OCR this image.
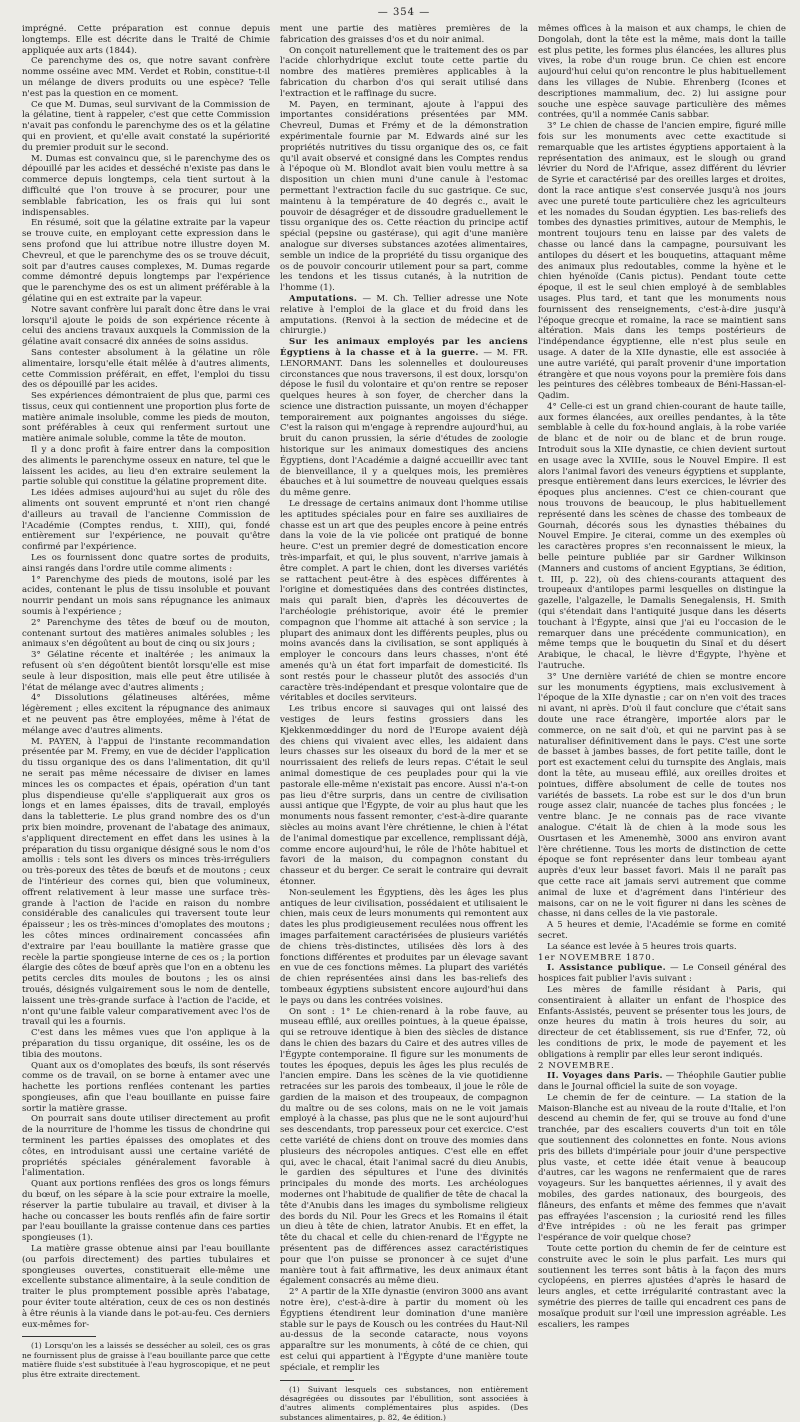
— 354 —

imprégné. Cette préparation est connue depuis longtemps. Elle est décrite dans le Traité de Chimie appliquée aux arts (1844).

Ce parenchyme des os, que notre savant confrère nomme osséine avec MM. Verdet et Robin, constitue-t-il un mélange de divers produits ou une espèce? Telle n'est pas la question en ce moment.

Ce que M. Dumas, seul survivant de la Commission de la gélatine, tient à rappeler, c'est que cette Commission n'avait pas confondu le parenchyme des os et la gélatine qui en provient, et qu'elle avait constaté la supériorité du premier produit sur le second.

M. Dumas est convaincu que, si le parenchyme des os dépouillé par les acides et desséché n'existe pas dans le commerce depuis longtemps, cela tient surtout à la difficulté que l'on trouve à se procurer, pour une semblable fabrication, les os frais qui lui sont indispensables.

En résumé, soit que la gélatine extraite par la vapeur se trouve cuite, en employant cette expression dans le sens profond que lui attribue notre illustre doyen M. Chevreul, et que le parenchyme des os se trouve décuit, soit par d'autres causes complexes, M. Dumas regarde comme démontré depuis longtemps par l'expérience que le parenchyme des os est un aliment préférable à la gélatine qui en est extraite par la vapeur.

Notre savant confrère lui paraît donc être dans le vrai lorsqu'il ajoute le poids de son expérience récente à celui des anciens travaux auxquels la Commission de la gélatine avait consacré dix années de soins assidus.

Sans contester absolument à la gélatine un rôle alimentaire, lorsqu'elle était mêlée à d'autres aliments, cette Commission préférait, en effet, l'emploi du tissu des os dépouillé par les acides.

Ses expériences démontraient de plus que, parmi ces tissus, ceux qui contiennent une proportion plus forte de matière animale insoluble, comme les pieds de mouton, sont préférables à ceux qui renferment surtout une matière animale soluble, comme la tête de mouton.

Il y a donc profit à faire entrer dans la composition des aliments le parenchyme osseux en nature, tel que le laissent les acides, au lieu d'en extraire seulement la partie soluble qui constitue la gélatine proprement dite.

Les idées admises aujourd'hui au sujet du rôle des aliments ont souvent emprunté et n'ont rien changé d'ailleurs au travail de l'ancienne Commission de l'Académie (Comptes rendus, t. XIII), qui, fondé entièrement sur l'expérience, ne pouvait qu'être confirmé par l'expérience.

Les os fournissent donc quatre sortes de produits, ainsi rangés dans l'ordre utile comme aliments :

1° Parenchyme des pieds de moutons, isolé par les acides, contenant le plus de tissu insoluble et pouvant nourrir pendant un mois sans répugnance les animaux soumis à l'expérience ;

2° Parenchyme des têtes de bœuf ou de mouton, contenant surtout des matières animales solubles ; les animaux s'en dégoûtent au bout de cinq ou six jours ;

3° Gélatine récente et inaltérée ; les animaux la refusent où s'en dégoûtent bientôt lorsqu'elle est mise seule à leur disposition, mais elle peut être utilisée à l'état de mélange avec d'autres aliments ;

4° Dissolutions gélatineuses altérées, même légèrement ; elles excitent la répugnance des animaux et ne peuvent pas être employées, même à l'état de mélange avec d'autres aliments.

M. PAYEN, à l'appui de l'instante recommandation présentée par M. Fremy, en vue de décider l'application du tissu organique des os dans l'alimentation, dit qu'il ne serait pas même nécessaire de diviser en lames minces les os compactes et épais, opération d'un tant plus dispendieuse qu'elle s'appliquerait aux gros os longs et en lames épaisses, dits de travail, employés dans la tabletterie. Le plus grand nombre des os d'un prix bien moindre, provenant de l'abatage des animaux, s'appliquent directement en effet dans les usines à la préparation du tissu organique désigné sous le nom d'os amollis : tels sont les divers os minces très-irréguliers ou très-poreux des têtes de bœufs et de moutons ; ceux de l'intérieur des cornes qui, bien que volumineux, offrent relativement à leur masse une surface très-grande à l'action de l'acide en raison du nombre considérable des canalicules qui traversent toute leur épaisseur ; les os très-minces d'omoplates des moutons ; les côtes minces ordinairement concassées afin d'extraire par l'eau bouillante la matière grasse que recèle la partie spongieuse interne de ces os ; la portion élargie des côtes de bœuf après que l'on en a obtenu les petits cercles dits moules de boutons ; les os ainsi troués, désignés vulgairement sous le nom de dentelle, laissent une très-grande surface à l'action de l'acide, et n'ont qu'une faible valeur comparativement avec l'os de travail qui les a fournis.

C'est dans les mêmes vues que l'on applique à la préparation du tissu organique, dit osséine, les os de tibia des moutons.

Quant aux os d'omoplates des bœufs, ils sont réservés comme os de travail, on se borne à entamer avec une hachette les portions renflées contenant les parties spongieuses, afin que l'eau bouillante en puisse faire sortir la matière grasse.

On pourrait sans doute utiliser directement au profit de la nourriture de l'homme les tissus de chondrine qui terminent les parties épaisses des omoplates et des côtes, en introduisant aussi une certaine variété de propriétés spéciales généralement favorable à l'alimentation.

Quant aux portions renflées des gros os longs fémurs du bœuf, on les sépare à la scie pour extraire la moelle, réserver la partie tubulaire au travail, et diviser à la hache ou concasser les bouts renflés afin de faire sortir par l'eau bouillante la graisse contenue dans ces parties spongieuses (1).

La matière grasse obtenue ainsi par l'eau bouillante (ou parfois directement) des parties tubulaires et spongieuses ouvertes, constituerait elle-même une excellente substance alimentaire, à la seule condition de traiter le plus promptement possible après l'abatage, pour éviter toute altération, ceux de ces os non destinés à être réunis à la viande dans le pot-au-feu. Ces derniers eux-mêmes for-

(1) Lorsqu'on les a laissés se dessécher au soleil, ces os gras ne fournissent plus de graisse à l'eau bouillante parce que cette matière fluide s'est substituée à l'eau hygroscopique, et ne peut plus être extraite directement.

ment une partie des matières premières de la fabrication des graisses d'os et du noir animal.

On conçoit naturellement que le traitement des os par l'acide chlorhydrique exclut toute cette partie du nombre des matières premières applicables à la fabrication du charbon d'os qui serait utilisé dans l'extraction et le raffinage du sucre.

M. Payen, en terminant, ajoute à l'appui des importantes considérations présentées par MM. Chevreul, Dumas et Frémy et de la démonstration expérimentale fournie par M. Edwards ainé sur les propriétés nutritives du tissu organique des os, ce fait qu'il avait observé et consigné dans les Comptes rendus à l'époque où M. Blondlot avait bien voulu mettre à sa disposition un chien muni d'une canule à l'estomac permettant l'extraction facile du suc gastrique. Ce suc, maintenu à la température de 40 degrés c., avait le pouvoir de désagréger et de dissoudre graduellement le tissu organique des os. Cette réaction du principe actif spécial (pepsine ou gastérase), qui agit d'une manière analogue sur diverses substances azotées alimentaires, semble un indice de la propriété du tissu organique des os de pouvoir concourir utilement pour sa part, comme les tendons et les tissus cutanés, à la nutrition de l'homme (1).

Amputations. — M. Ch. Tellier adresse une Note relative à l'emploi de la glace et du froid dans les amputations. (Renvoi à la section de médecine et de chirurgie.)

Sur les animaux employés par les anciens Égyptiens à la chasse et à la guerre. — M. FR. LENORMANT. Dans les solennelles et douloureuses circonstances que nous traversons, il est doux, lorsqu'on dépose le fusil du volontaire et qu'on rentre se reposer quelques heures à son foyer, de chercher dans la science une distraction puissante, un moyen d'échapper temporairement aux poignantes angoisses du siége. C'est la raison qui m'engage à reprendre aujourd'hui, au bruit du canon prussien, la série d'études de zoologie historique sur les animaux domestiques des anciens Égyptiens, dont l'Académie a daigné accueillir avec tant de bienveillance, il y a quelques mois, les premières ébauches et à lui soumettre de nouveau quelques essais du même genre.

Le dressage de certains animaux dont l'homme utilise les aptitudes spéciales pour en faire ses auxiliaires de chasse est un art que des peuples encore à peine entrés dans la voie de la vie policée ont pratiqué de bonne heure. C'est un premier degré de domestication encore très-imparfait, et qui, le plus souvent, n'arrive jamais à être complet. A part le chien, dont les diverses variétés se rattachent peut-être à des espèces différentes à l'origine et domestiquées dans des contrées distinctes, mais qui paraît bien, d'après les découvertes de l'archéologie préhistorique, avoir été le premier compagnon que l'homme ait attaché à son service ; la plupart des animaux dont les différents peuples, plus ou moins avancés dans la civilisation, se sont appliqués à employer le concours dans leurs chasses, n'ont été amenés qu'à un état fort imparfait de domesticité. Ils sont restés pour le chasseur plutôt des associés d'un caractère très-indépendant et presque volontaire que de véritables et dociles serviteurs.

Les tribus encore si sauvages qui ont laissé des vestiges de leurs festins grossiers dans les Kjekkenmœddinger du nord de l'Europe avaient déjà des chiens qui vivaient avec elles, les aidaient dans leurs chasses sur les oiseaux du bord de la mer et se nourrissaient des reliefs de leurs repas. C'était le seul animal domestique de ces peuplades pour qui la vie pastorale elle-même n'existait pas encore. Aussi n'a-t-on pas lieu d'être surpris, dans un centre de civilisation aussi antique que l'Égypte, de voir au plus haut que les monuments nous fassent remonter, c'est-à-dire quarante siècles au moins avant l'ère chrétienne, le chien à l'état de l'animal domestique par excellence, remplissant déjà, comme encore aujourd'hui, le rôle de l'hôte habituel et favori de la maison, du compagnon constant du chasseur et du berger. Ce serait le contraire qui devrait étonner.

Non-seulement les Égyptiens, dès les âges les plus antiques de leur civilisation, possédaient et utilisaient le chien, mais ceux de leurs monuments qui remontent aux dates les plus prodigieusement reculées nous offrent les images parfaitement caractérisées de plusieurs variétés de chiens très-distinctes, utilisées dès lors à des fonctions différentes et produites par un élevage savant en vue de ces fonctions mêmes. La plupart des variétés de chien représentées ainsi dans les bas-reliefs des tombeaux égyptiens subsistent encore aujourd'hui dans le pays ou dans les contrées voisines.

On sont : 1° Le chien-renard à la robe fauve, au museau effilé, aux oreilles pointues, à la queue épaisse, qui se retrouve identique à bien des siècles de distance dans le chien des bazars du Caire et des autres villes de l'Égypte contemporaine. Il figure sur les monuments de toutes les époques, depuis les âges les plus reculés de l'ancien empire. Dans les scènes de la vie quotidienne retracées sur les parois des tombeaux, il joue le rôle de gardien de la maison et des troupeaux, de compagnon du maître ou de ses colons, mais on ne le voit jamais employé à la chasse, pas plus que ne le sont aujourd'hui ses descendants, trop paresseux pour cet exercice. C'est cette variété de chiens dont on trouve des momies dans plusieurs des nécropoles antiques. C'est elle en effet qui, avec le chacal, était l'animal sacré du dieu Anubis, le gardien des sépultures et l'une des divinités principales du monde des morts. Les archéologues modernes ont l'habitude de qualifier de tête de chacal la tête d'Anubis dans les images du symbolisme religieux des bords du Nil. Pour les Grecs et les Romains il était un dieu à tête de chien, latrator Anubis. Et en effet, la tête du chacal et celle du chien-renard de l'Égypte ne présentent pas de différences assez caractéristiques pour que l'on puisse se prononcer à ce sujet d'une manière tout à fait affirmative, les deux animaux étant également consacrés au même dieu.

2° A partir de la XIIe dynastie (environ 3000 ans avant notre ère), c'est-à-dire à partir du moment où les Égyptiens étendirent leur domination d'une manière stable sur le pays de Kousch ou les contrées du Haut-Nil au-dessus de la seconde cataracte, nous voyons apparaître sur les monuments, à côté de ce chien, qui est celui qui appartient à l'Égypte d'une manière toute spéciale, et remplir les

(1) Suivant lesquels ces substances, non entièrement désagrégées ou dissoutes par l'ébullition, sont associées à d'autres aliments complémentaires plus aspides. (Des substances alimentaires, p. 82, 4e édition.)

mêmes offices à la maison et aux champs, le chien de Dongolah, dont la tête est la même, mais dont la taille est plus petite, les formes plus élancées, les allures plus vives, la robe d'un rouge brun. Ce chien est encore aujourd'hui celui qu'on rencontre le plus habituellement dans les villages de Nubie. Ehrenberg (Icones et descriptiones mammalium, dec. 2) lui assigne pour souche une espèce sauvage particulière des mêmes contrées, qu'il a nommée Canis sabbar.

3° Le chien de chasse de l'ancien empire, figuré mille fois sur les monuments avec cette exactitude si remarquable que les artistes égyptiens apportaient à la représentation des animaux, est le slough ou grand lévrier du Nord de l'Afrique, assez différent du lévrier de Syrie et caractérisé par des oreilles larges et droites, dont la race antique s'est conservée jusqu'à nos jours avec une pureté toute particulière chez les agriculteurs et les nomades du Soudan égyptien. Les bas-reliefs des tombes des dynasties primitives, autour de Memphis, le montrent toujours tenu en laisse par des valets de chasse ou lancé dans la campagne, poursuivant les antilopes du désert et les bouquetins, attaquant même des animaux plus redoutables, comme la hyène et le chien hyénoïde (Canis pictus). Pendant toute cette époque, il est le seul chien employé à de semblables usages. Plus tard, et tant que les monuments nous fournissent des renseignements, c'est-à-dire jusqu'à l'époque grecque et romaine, la race se maintient sans altération. Mais dans les temps postérieurs de l'indépendance égyptienne, elle n'est plus seule en usage. A dater de la XIIe dynastie, elle est associée à une autre variété, qui paraît provenir d'une importation étrangère et que nous voyons pour la première fois dans les peintures des célèbres tombeaux de Béni-Hassan-el-Qadim.

4° Celle-ci est un grand chien-courant de haute taille, aux formes élancées, aux oreilles pendantes, à la tête semblable à celle du fox-hound anglais, à la robe variée de blanc et de noir ou de blanc et de brun rouge. Introduit sous la XIIe dynastie, ce chien devient surtout en usage avec la XVIIIe, sous le Nouvel Empire. Il est alors l'animal favori des veneurs égyptiens et supplante, presque entièrement dans leurs exercices, le lévrier des époques plus anciennes. C'est ce chien-courant que nous trouvons de beaucoup, le plus habituellement représenté dans les scènes de chasse des tombeaux de Gournah, décorés sous les dynasties thébaines du Nouvel Empire. Je citerai, comme un des exemples où les caractères propres s'en reconnaissent le mieux, la belle peinture publiée par sir Gardner Wilkinson (Manners and customs of ancient Egyptians, 3e édition, t. III, p. 22), où des chiens-courants attaquent des troupeaux d'antilopes parmi lesquelles on distingue la gazelle, l'algazelle, le Damalis Senegalensis, H. Smith (qui s'étendait dans l'antiquité jusque dans les déserts touchant à l'Égypte, ainsi que j'ai eu l'occasion de le remarquer dans une précédente communication), en même temps que le bouquetin du Sinaï et du désert Arabique, le chacal, le lièvre d'Égypte, l'hyène et l'autruche.

3° Une dernière variété de chien se montre encore sur les monuments égyptiens, mais exclusivement à l'époque de la XIIe dynastie ; car on n'en voit des traces ni avant, ni après. D'où il faut conclure que c'était sans doute une race étrangère, importée alors par le commerce, on ne sait d'où, et qui ne parvint pas à se naturaliser définitivement dans le pays. C'est une sorte de basset à jambes basses, de fort petite taille, dont le port est exactement celui du turnspite des Anglais, mais dont la tête, au museau effilé, aux oreilles droites et pointues, diffère absolument de celle de toutes nos variétés de bassets. La robe est sur le dos d'un brun rouge assez clair, nuancée de taches plus foncées ; le ventre blanc. Je ne connais pas de race vivante analogue. C'était là de chien à la mode sous les Ousrtasen et les Amenemhè, 3000 ans environ avant l'ère chrétienne. Tous les morts de distinction de cette époque se font représenter dans leur tombeau ayant auprès d'eux leur basset favori. Mais il ne paraît pas que cette race ait jamais servi autrement que comme animal de luxe et d'agrément dans l'intérieur des maisons, car on ne le voit figurer ni dans les scènes de chasse, ni dans celles de la vie pastorale.

A 5 heures et demie, l'Académie se forme en comité secret.

La séance est levée à 5 heures trois quarts.

1er NOVEMBRE 1870.

I. Assistance publique. — Le Conseil général des hospices fait publier l'avis suivant :

Les mères de famille résidant à Paris, qui consentiraient à allaiter un enfant de l'hospice des Enfants-Assistés, peuvent se présenter tous les jours, de onze heures du matin à trois heures du soir, au directeur de cet établissement, sis rue d'Enfer, 72, où les conditions de prix, le mode de payement et les obligations à remplir par elles leur seront indiqués.

2 NOVEMBRE.

II. Voyages dans Paris. — Théophile Gautier publie dans le Journal officiel la suite de son voyage.

Le chemin de fer de ceinture. — La station de la Maison-Blanche est au niveau de la route d'Italie, et l'on descend au chemin de fer, qui se trouve au fond d'une tranchée, par des escaliers couverts d'un toit en tôle que soutiennent des colonnettes en fonte. Nous avions pris des billets d'impériale pour jouir d'une perspective plus vaste, et cette idée était venue à beaucoup d'autres, car les wagons ne renfermaient que de rares voyageurs. Sur les banquettes aériennes, il y avait des mobiles, des gardes nationaux, des bourgeois, des flâneurs, des enfants et même des femmes que n'avait pas effrayées l'ascension ; la curiosité rend les filles d'Ève intrépides : où ne les ferait pas grimper l'espérance de voir quelque chose?

Toute cette portion du chemin de fer de ceinture est construite avec le soin le plus parfait. Les murs qui soutiennent les terres sont bâtis à la façon des murs cyclopéens, en pierres ajustées d'après le hasard de leurs angles, et cette irrégularité contrastant avec la symétrie des pierres de taille qui encadrent ces pans de mosaïque produit sur l'œil une impression agréable. Les escaliers, les rampes
